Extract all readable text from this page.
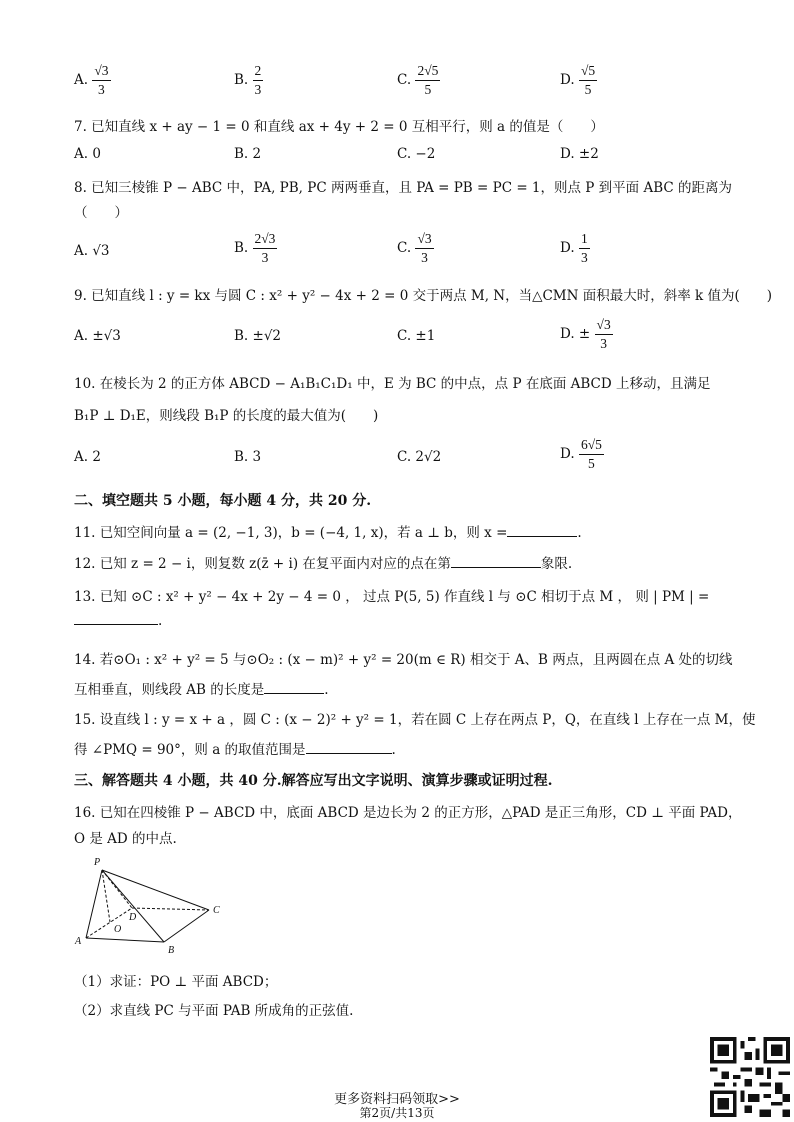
A. $\frac{√3}{3}$	B. $\frac{2}{3}$	C. $\frac{2√5}{5}$	D. $\frac{√5}{5}$
7. 已知直线 x + ay − 1 = 0 和直线 ax + 4y + 2 = 0 互相平行，则 a 的值是（　　）
A. 0	B. 2	C. −2	D. ±2
8. 已知三棱锥 P − ABC 中，PA, PB, PC 两两垂直，且 PA = PB = PC = 1，则点 P 到平面 ABC 的距离为
（　　）
A. √3	B. $\frac{2√3}{3}$	C. $\frac{√3}{3}$	D. $\frac{1}{3}$
9. 已知直线 l : y = kx 与圆 C : x² + y² − 4x + 2 = 0 交于两点 M, N，当△CMN 面积最大时，斜率 k 值为(　　)
A. ±√3	B. ±√2	C. ±1	D. ± $\frac{√3}{3}$
10. 在棱长为 2 的正方体 ABCD − A₁B₁C₁D₁ 中，E 为 BC 的中点，点 P 在底面 ABCD 上移动，且满足
B₁P ⊥ D₁E，则线段 B₁P 的长度的最大值为(　　)
A. 2	B. 3	C. 2√2	D. $\frac{6√5}{5}$
二、填空题共 5 小题，每小题 4 分，共 20 分.
11. 已知空间向量 a = (2, −1, 3)，b = (−4, 1, x)，若 a ⊥ b，则 x =	.
12. 已知 z = 2 − i，则复数 z(z̄ + i) 在复平面内对应的点在第	象限.
13. 已知 ⊙C : x² + y² − 4x + 2y − 4 = 0 ， 过点 P(5, 5) 作直线 l 与 ⊙C 相切于点 M ， 则 | PM | =
.
14. 若⊙O₁ : x² + y² = 5 与⊙O₂ : (x − m)² + y² = 20(m ∈ R) 相交于 A、B 两点，且两圆在点 A 处的切线
互相垂直，则线段 AB 的长度是	.
15. 设直线 l : y = x + a ，圆 C : (x − 2)² + y² = 1，若在圆 C 上存在两点 P，Q，在直线 l 上存在一点 M，使
得 ∠PMQ = 90°，则 a 的取值范围是	.
三、解答题共 4 小题，共 40 分.解答应写出文字说明、演算步骤或证明过程.
16. 已知在四棱锥 P − ABCD 中，底面 ABCD 是边长为 2 的正方形，△PAD 是正三角形，CD ⊥ 平面 PAD，
O 是 AD 的中点.
P
A
B
C
D
O
（1）求证：PO ⊥ 平面 ABCD；
（2）求直线 PC 与平面 PAB 所成角的正弦值.
更多资料扫码领取>>
第2页/共13页
